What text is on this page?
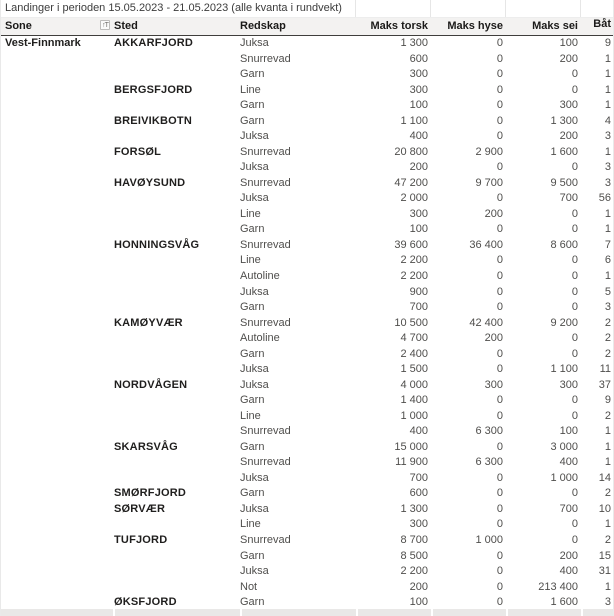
Landinger i perioden 15.05.2023 - 21.05.2023 (alle kvanta i rundvekt)
Sone	↑T Sted	Redskap	Maks torsk	Maks hyse	Maks sei	Båt
Vest-Finnmark	AKKARFJORD	Juksa	1 300	0	100	9
Snurrevad	600	0	200	1
Garn	300	0	0	1
BERGSFJORD	Line	300	0	0	1
Garn	100	0	300	1
BREIVIKBOTN	Garn	1 100	0	1 300	4
Juksa	400	0	200	3
FORSØL	Snurrevad	20 800	2 900	1 600	1
Juksa	200	0	0	3
HAVØYSUND	Snurrevad	47 200	9 700	9 500	3
Juksa	2 000	0	700	56
Line	300	200	0	1
Garn	100	0	0	1
HONNINGSVÅG	Snurrevad	39 600	36 400	8 600	7
Line	2 200	0	0	6
Autoline	2 200	0	0	1
Juksa	900	0	0	5
Garn	700	0	0	3
KAMØYVÆR	Snurrevad	10 500	42 400	9 200	2
Autoline	4 700	200	0	2
Garn	2 400	0	0	2
Juksa	1 500	0	1 100	11
NORDVÅGEN	Juksa	4 000	300	300	37
Garn	1 400	0	0	9
Line	1 000	0	0	2
Snurrevad	400	6 300	100	1
SKARSVÅG	Garn	15 000	0	3 000	1
Snurrevad	11 900	6 300	400	1
Juksa	700	0	1 000	14
SMØRFJORD	Garn	600	0	0	2
SØRVÆR	Juksa	1 300	0	700	10
Line	300	0	0	1
TUFJORD	Snurrevad	8 700	1 000	0	2
Garn	8 500	0	200	15
Juksa	2 200	0	400	31
Not	200	0	213 400	1
ØKSFJORD	Garn	100	0	1 600	3
